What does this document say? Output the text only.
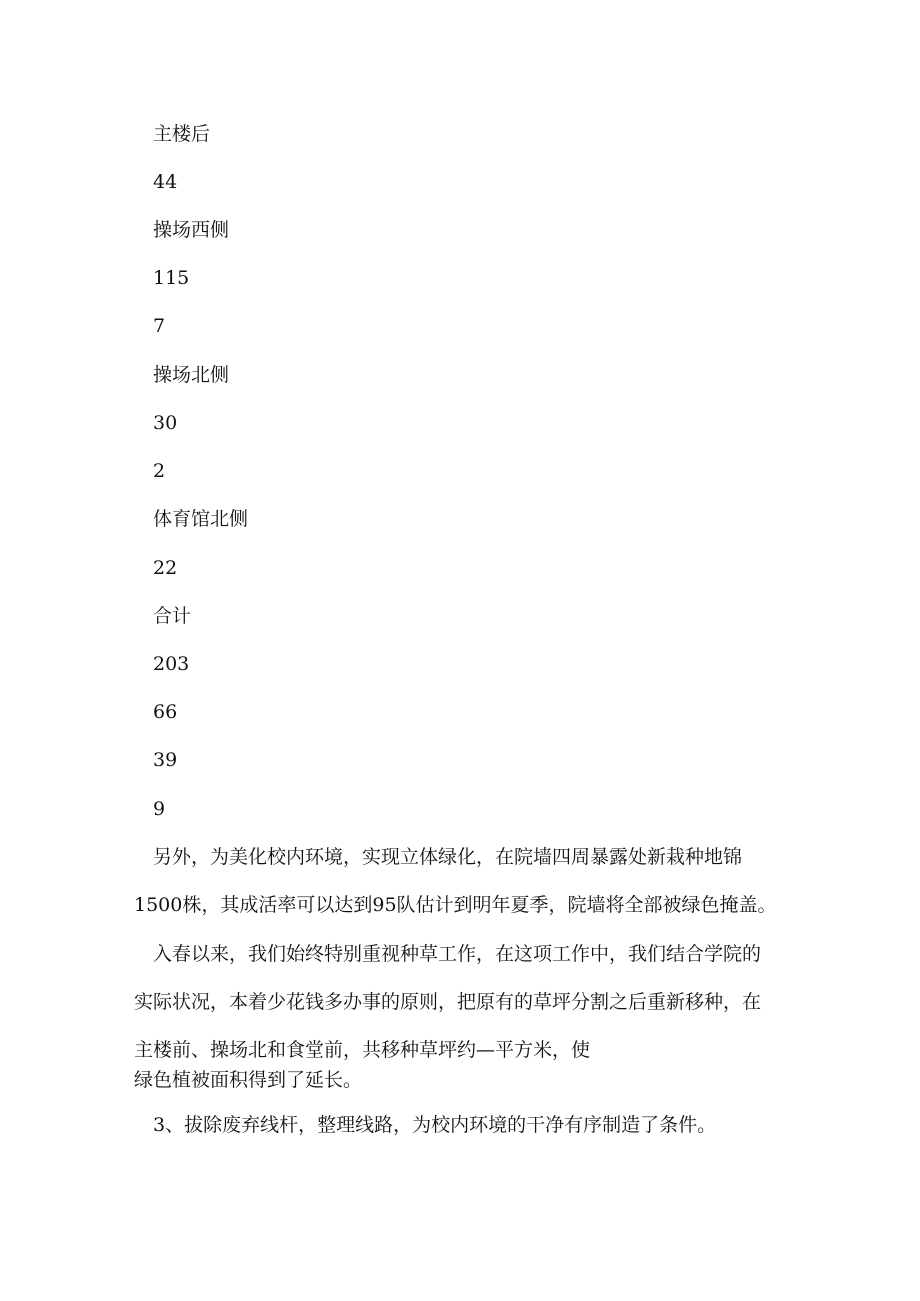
主楼后
44
操场西侧
115
7
操场北侧
30
2
体育馆北侧
22
合计
203
66
39
9
另外，为美化校内环境，实现立体绿化，在院墙四周暴露处新栽种地锦
1500株，其成活率可以达到95队估计到明年夏季，院墙将全部被绿色掩盖。
入春以来，我们始终特别重视种草工作，在这项工作中，我们结合学院的
实际状况，本着少花钱多办事的原则，把原有的草坪分割之后重新移种，在
主楼前、操场北和食堂前，共移种草坪约—平方米，使
绿色植被面积得到了延长。
3、拔除废弃线杆，整理线路，为校内环境的干净有序制造了条件。
